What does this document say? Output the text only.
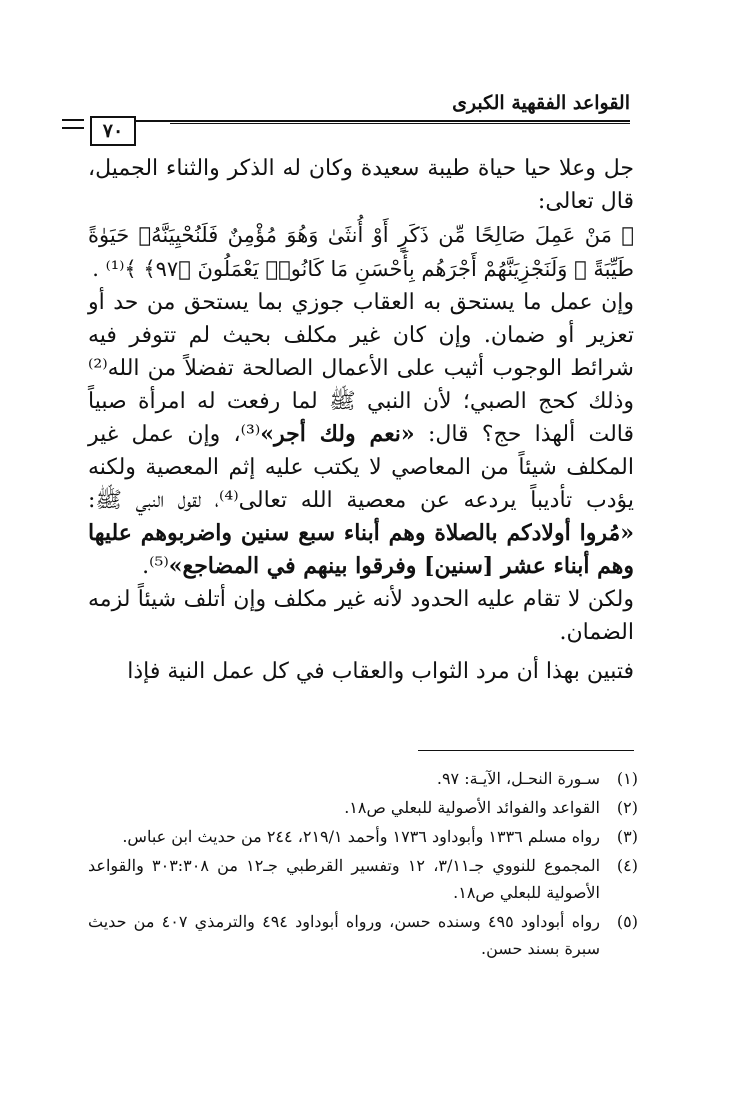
القواعد الفقهية الكبرى
٧٠

جل وعلا حيا حياة طيبة سعيدة وكان له الذكر والثناء الجميل، قال تعالى:

﴿ مَنْ عَمِلَ صَالِحًا مِّن ذَكَرٍ أَوْ أُنثَىٰ وَهُوَ مُؤْمِنٌ فَلَنُحْيِيَنَّهُۥ حَيَوٰةً طَيِّبَةً ۖ وَلَنَجْزِيَنَّهُمْ أَجْرَهُم بِأَحْسَنِ مَا كَانُوا۟ يَعْمَلُونَ ﴿٩٧﴾ ﴾⁽¹⁾ .

وإن عمل ما يستحق به العقاب جوزي بما يستحق من حد أو تعزير أو ضمان. وإن كان غير مكلف بحيث لم تتوفر فيه شرائط الوجوب أثيب على الأعمال الصالحة تفضلاً من الله⁽²⁾ وذلك كحج الصبي؛ لأن النبي ﷺ لما رفعت له امرأة صبياً قالت ألهذا حج؟ قال: «نعم ولك أجر»⁽³⁾، وإن عمل غير المكلف شيئاً من المعاصي لا يكتب عليه إثم المعصية ولكنه يؤدب تأديباً يردعه عن معصية الله تعالى⁽⁴⁾، لقول النبي ﷺ: «مُروا أولادكم بالصلاة وهم أبناء سبع سنين واضربوهم عليها وهم أبناء عشر [سنين] وفرقوا بينهم في المضاجع»⁽⁵⁾.

ولكن لا تقام عليه الحدود لأنه غير مكلف وإن أتلف شيئاً لزمه الضمان.

فتبين بهذا أن مرد الثواب والعقاب في كل عمل النية فإذا

(١)
سـورة النحـل، الآيـة: ٩٧.
(٢)
القواعد والفوائد الأصولية للبعلي ص١٨.
(٣)
رواه مسلم ١٣٣٦ وأبوداود ١٧٣٦ وأحمد ٢١٩/١، ٢٤٤ من حديث ابن عباس.
(٤)
المجموع للنووي جـ٣/١١، ١٢ وتفسير القرطبي جـ١٢ من ٣٠٣:٣٠٨ والقواعد الأصولية للبعلي ص١٨.
(٥)
رواه أبوداود ٤٩٥ وسنده حسن، ورواه أبوداود ٤٩٤ والترمذي ٤٠٧ من حديث سبرة بسند حسن.
